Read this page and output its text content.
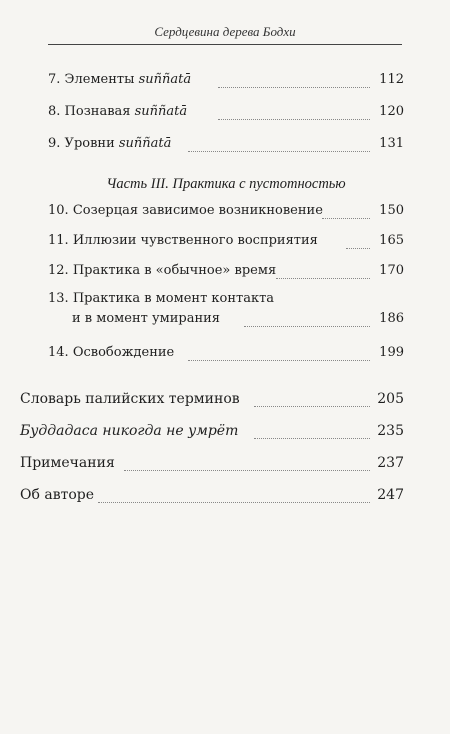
Сердцевина дерева Бодхи
7. Элементы suññatā	112
8. Познавая suññatā	120
9. Уровни suññatā	131
Часть III. Практика с пустотностью
10. Созерцая зависимое возникновение	150
11. Иллюзии чувственного восприятия	165
12. Практика в «обычное» время	170
13. Практика в момент контакта
и в момент умирания	186
14. Освобождение	199
Словарь палийских терминов	205
Буддадаса никогда не умрёт	235
Примечания	237
Об авторе	247
